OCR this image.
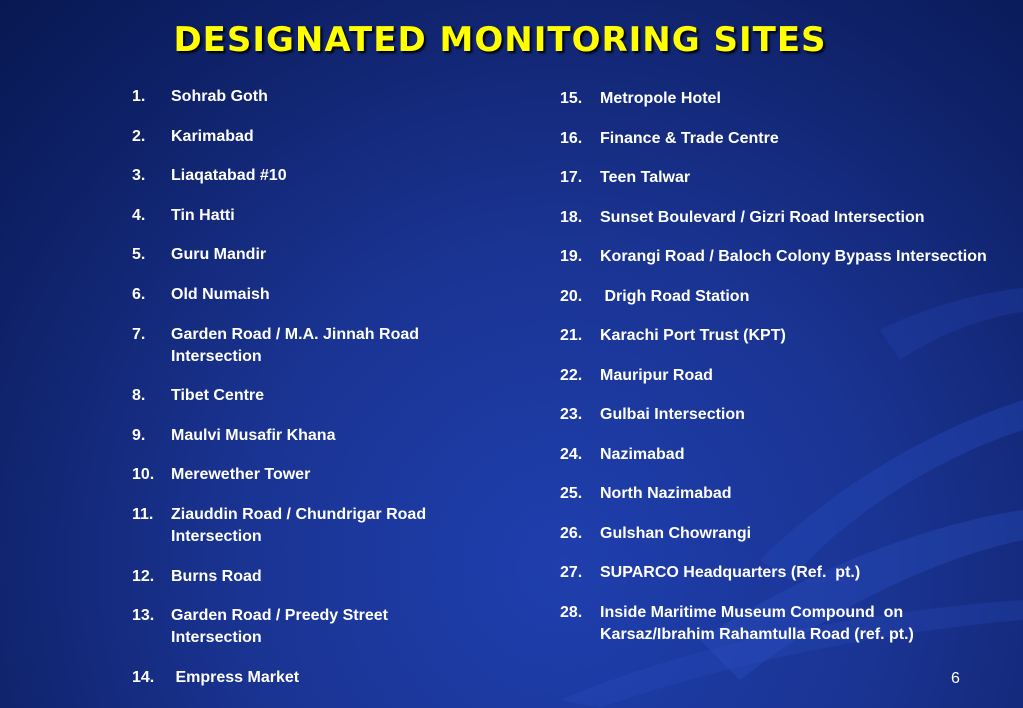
DESIGNATED MONITORING SITES
1.	Sohrab Goth
2.	Karimabad
3.	Liaqatabad #10
4.	Tin Hatti
5.	Guru Mandir
6.	Old Numaish
7.	Garden Road / M.A. Jinnah Road Intersection
8.	Tibet Centre
9.	Maulvi Musafir Khana
10.	Merewether Tower
11.	Ziauddin Road / Chundrigar Road Intersection
12.	Burns Road
13.	Garden Road / Preedy Street Intersection
14.	Empress Market
15.	Metropole Hotel
16.	Finance & Trade Centre
17.	Teen Talwar
18.	Sunset Boulevard / Gizri Road Intersection
19.	Korangi Road / Baloch Colony Bypass Intersection
20.	Drigh Road Station
21.	Karachi Port Trust (KPT)
22.	Mauripur Road
23.	Gulbai Intersection
24.	Nazimabad
25.	North Nazimabad
26.	Gulshan Chowrangi
27.	SUPARCO Headquarters (Ref.  pt.)
28.	Inside Maritime Museum Compound  on Karsaz/Ibrahim Rahamtulla Road (ref. pt.)
6
